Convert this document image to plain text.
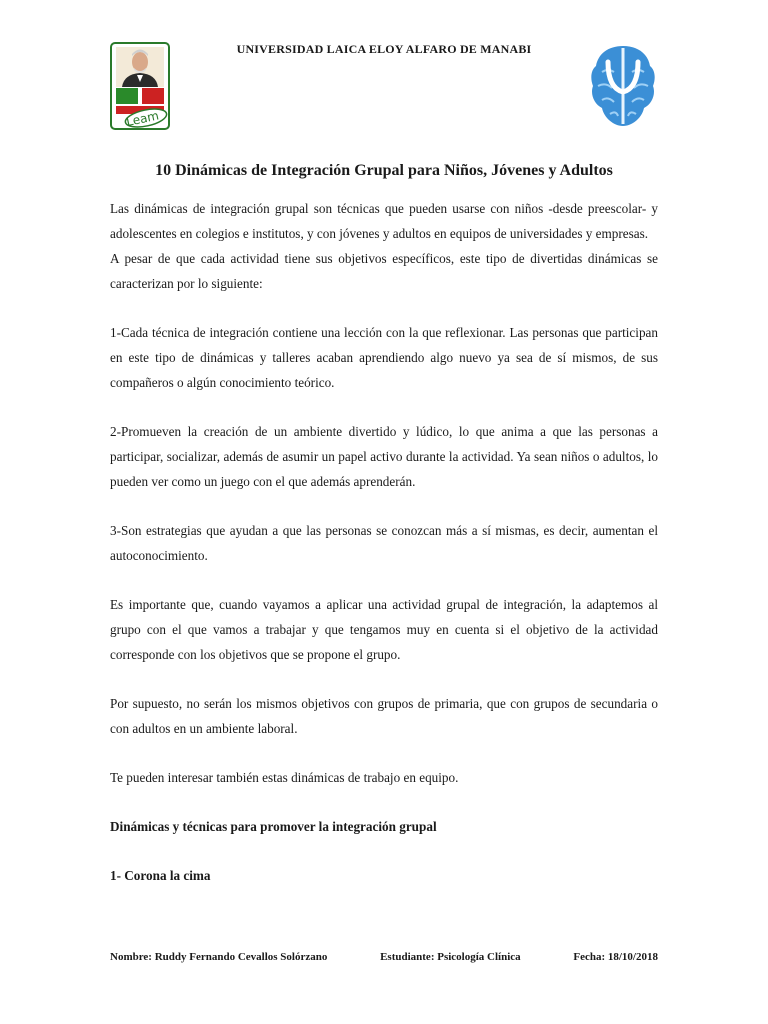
UNIVERSIDAD LAICA ELOY ALFARO DE MANABI
Leam
10 Dinámicas de Integración Grupal para Niños, Jóvenes y Adultos

Las dinámicas de integración grupal son técnicas que pueden usarse con niños -desde preescolar- y adolescentes en colegios e institutos, y con jóvenes y adultos en equipos de universidades y empresas.

A pesar de que cada actividad tiene sus objetivos específicos, este tipo de divertidas dinámicas se caracterizan por lo siguiente:

1-Cada técnica de integración contiene una lección con la que reflexionar. Las personas que participan en este tipo de dinámicas y talleres acaban aprendiendo algo nuevo ya sea de sí mismos, de sus compañeros o algún conocimiento teórico.

2-Promueven la creación de un ambiente divertido y lúdico, lo que anima a que las personas a participar, socializar, además de asumir un papel activo durante la actividad. Ya sean niños o adultos, lo pueden ver como un juego con el que además aprenderán.

3-Son estrategias que ayudan a que las personas se conozcan más a sí mismas, es decir, aumentan el autoconocimiento.

Es importante que, cuando vayamos a aplicar una actividad grupal de integración, la adaptemos al grupo con el que vamos a trabajar y que tengamos muy en cuenta si el objetivo de la actividad corresponde con los objetivos que se propone el grupo.

Por supuesto, no serán los mismos objetivos con grupos de primaria, que con grupos de secundaria o con adultos en un ambiente laboral.

Te pueden interesar también estas dinámicas de trabajo en equipo.

Dinámicas y técnicas para promover la integración grupal

1- Corona la cima

Nombre: Ruddy Fernando Cevallos Solórzano	Estudiante: Psicología Clínica	Fecha: 18/10/2018
